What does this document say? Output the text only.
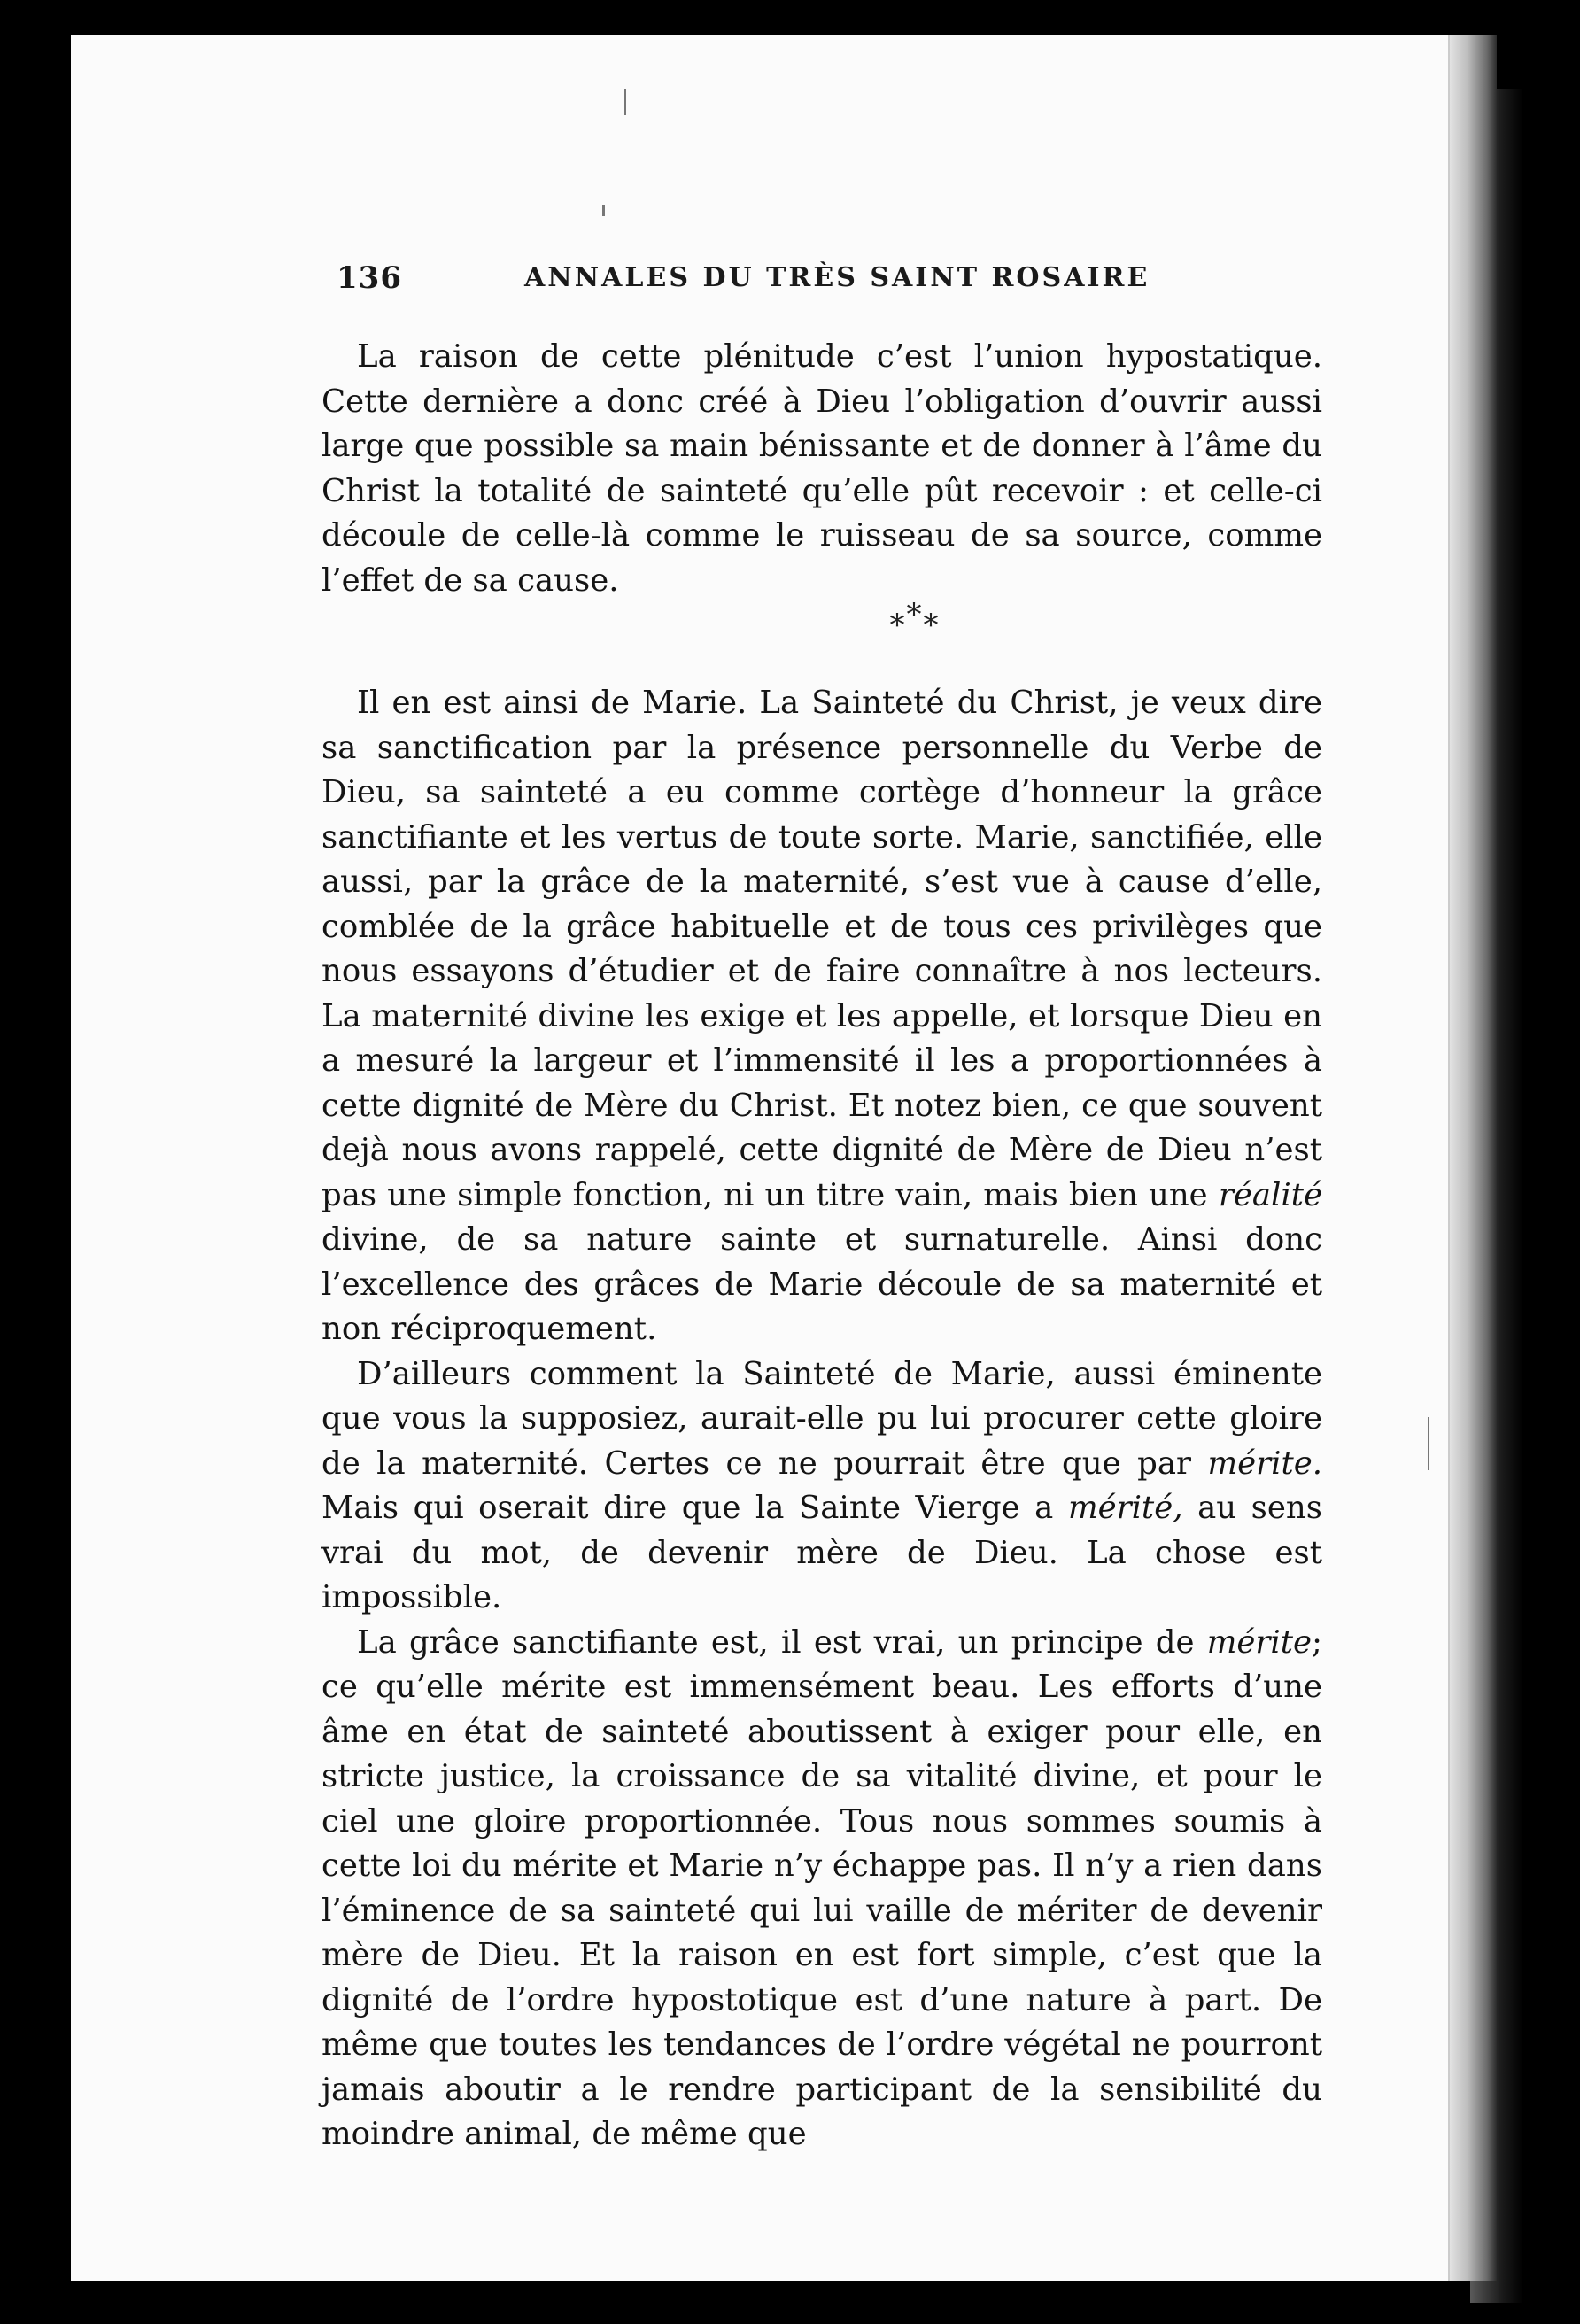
136	ANNALES DU TRÈS SAINT ROSAIRE

La raison de cette plénitude c’est l’union hypostatique. Cette dernière a donc créé à Dieu l’obligation d’ouvrir aussi large que possible sa main bénissante et de donner à l’âme du Christ la totalité de sainteté qu’elle pût recevoir : et celle-ci découle de celle-là comme le ruisseau de sa source, comme l’effet de sa cause.

***

Il en est ainsi de Marie. La Sainteté du Christ, je veux dire sa sanctification par la présence personnelle du Verbe de Dieu, sa sainteté a eu comme cortège d’honneur la grâce sanctifiante et les vertus de toute sorte. Marie, sanctifiée, elle aussi, par la grâce de la maternité, s’est vue à cause d’elle, comblée de la grâce habituelle et de tous ces privilèges que nous essayons d’étudier et de faire connaître à nos lecteurs. La maternité divine les exige et les appelle, et lorsque Dieu en a mesuré la largeur et l’immensité il les a proportionnées à cette dignité de Mère du Christ. Et notez bien, ce que souvent dejà nous avons rappelé, cette dignité de Mère de Dieu n’est pas une simple fonction, ni un titre vain, mais bien une réalité divine, de sa nature sainte et surnaturelle. Ainsi donc l’excellence des grâces de Marie découle de sa maternité et non réciproquement.

D’ailleurs comment la Sainteté de Marie, aussi éminente que vous la supposiez, aurait-elle pu lui procurer cette gloire de la maternité. Certes ce ne pourrait être que par mérite. Mais qui oserait dire que la Sainte Vierge a mérité, au sens vrai du mot, de devenir mère de Dieu. La chose est impossible.

La grâce sanctifiante est, il est vrai, un principe de mérite; ce qu’elle mérite est immensément beau. Les efforts d’une âme en état de sainteté aboutissent à exiger pour elle, en stricte justice, la croissance de sa vitalité divine, et pour le ciel une gloire proportionnée. Tous nous sommes soumis à cette loi du mérite et Marie n’y échappe pas. Il n’y a rien dans l’éminence de sa sainteté qui lui vaille de mériter de devenir mère de Dieu. Et la raison en est fort simple, c’est que la dignité de l’ordre hypostotique est d’une nature à part. De même que toutes les tendances de l’ordre végétal ne pourront jamais aboutir a le rendre participant de la sensibilité du moindre animal, de même que
